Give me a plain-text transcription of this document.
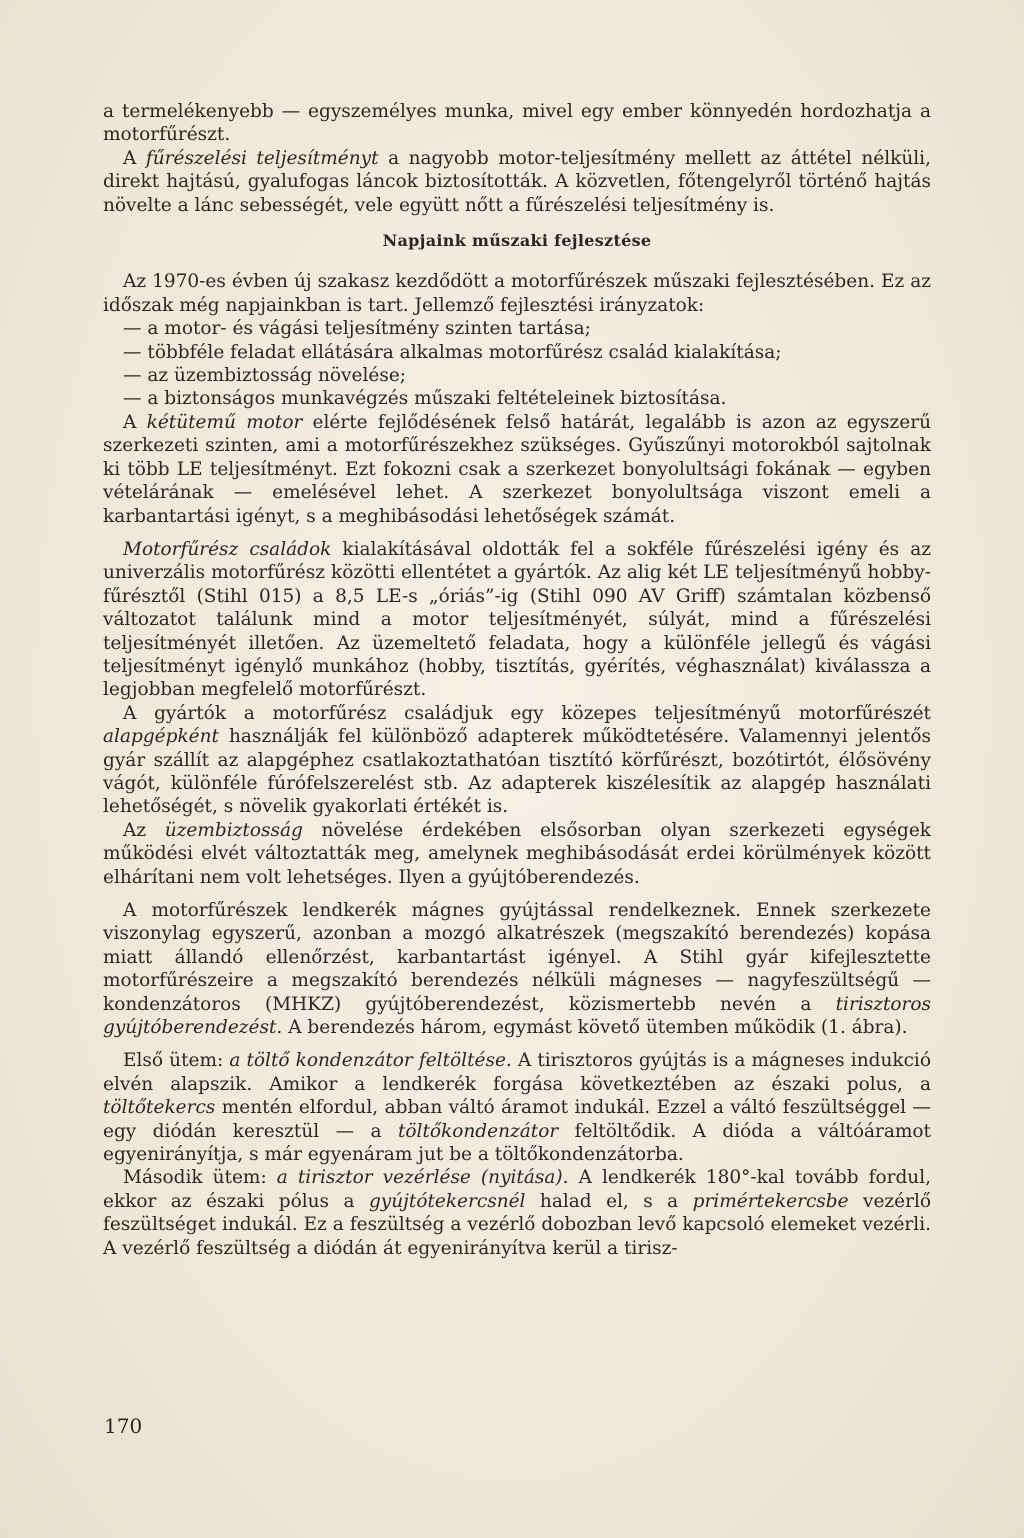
a termelékenyebb — egyszemélyes munka, mivel egy ember könnyedén hordozhatja a motorfűrészt.

A fűrészelési teljesítményt a nagyobb motor-teljesítmény mellett az áttétel nélküli, direkt hajtású, gyalufogas láncok biztosították. A közvetlen, főtengelyről történő hajtás növelte a lánc sebességét, vele együtt nőtt a fűrészelési teljesítmény is.

Napjaink műszaki fejlesztése

Az 1970-es évben új szakasz kezdődött a motorfűrészek műszaki fejlesztésében. Ez az időszak még napjainkban is tart. Jellemző fejlesztési irányzatok:

— a motor- és vágási teljesítmény szinten tartása;

— többféle feladat ellátására alkalmas motorfűrész család kialakítása;

— az üzembiztosság növelése;

— a biztonságos munkavégzés műszaki feltételeinek biztosítása.

A kétütemű motor elérte fejlődésének felső határát, legalább is azon az egyszerű szerkezeti szinten, ami a motorfűrészekhez szükséges. Gyűszűnyi motorokból sajtolnak ki több LE teljesítményt. Ezt fokozni csak a szerkezet bonyolultsági fokának — egyben vételárának — emelésével lehet. A szerkezet bonyolultsága viszont emeli a karbantartási igényt, s a meghibásodási lehetőségek számát.

Motorfűrész családok kialakításával oldották fel a sokféle fűrészelési igény és az univerzális motorfűrész közötti ellentétet a gyártók. Az alig két LE teljesítményű hobby-fűrésztől (Stihl 015) a 8,5 LE-s „óriás”-ig (Stihl 090 AV Griff) számtalan közbenső változatot találunk mind a motor teljesítményét, súlyát, mind a fűrészelési teljesítményét illetően. Az üzemeltető feladata, hogy a különféle jellegű és vágási teljesítményt igénylő munkához (hobby, tisztítás, gyérítés, véghasználat) kiválassza a legjobban megfelelő motorfűrészt.

A gyártók a motorfűrész családjuk egy közepes teljesítményű motorfűrészét alapgépként használják fel különböző adapterek működtetésére. Valamennyi jelentős gyár szállít az alapgéphez csatlakoztathatóan tisztító körfűrészt, bozótirtót, élősövény vágót, különféle fúrófelszerelést stb. Az adapterek kiszélesítik az alapgép használati lehetőségét, s növelik gyakorlati értékét is.

Az üzembiztosság növelése érdekében elsősorban olyan szerkezeti egységek működési elvét változtatták meg, amelynek meghibásodását erdei körülmények között elhárítani nem volt lehetséges. Ilyen a gyújtóberendezés.

A motorfűrészek lendkerék mágnes gyújtással rendelkeznek. Ennek szerkezete viszonylag egyszerű, azonban a mozgó alkatrészek (megszakító berendezés) kopása miatt állandó ellenőrzést, karbantartást igényel. A Stihl gyár kifejlesztette motorfűrészeire a megszakító berendezés nélküli mágneses — nagyfeszültségű — kondenzátoros (MHKZ) gyújtóberendezést, közismertebb nevén a tirisztoros gyújtóberendezést. A berendezés három, egymást követő ütemben működik (1. ábra).

Első ütem: a töltő kondenzátor feltöltése. A tirisztoros gyújtás is a mágneses indukció elvén alapszik. Amikor a lendkerék forgása következtében az északi polus, a töltőtekercs mentén elfordul, abban váltó áramot indukál. Ezzel a váltó feszültséggel — egy diódán keresztül — a töltőkondenzátor feltöltődik. A dióda a váltóáramot egyenirányítja, s már egyenáram jut be a töltőkondenzátorba.

Második ütem: a tirisztor vezérlése (nyitása). A lendkerék 180°-kal tovább fordul, ekkor az északi pólus a gyújtótekercsnél halad el, s a primértekercsbe vezérlő feszültséget indukál. Ez a feszültség a vezérlő dobozban levő kapcsoló elemeket vezérli. A vezérlő feszültség a diódán át egyenirányítva kerül a tirisz-

170
